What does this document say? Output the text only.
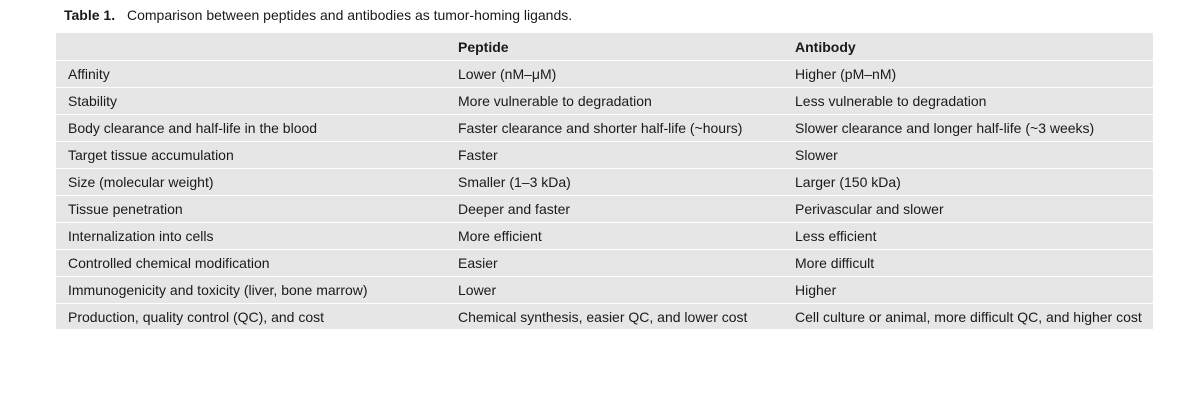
Table 1. Comparison between peptides and antibodies as tumor-homing ligands.
	Peptide	Antibody
Affinity	Lower (nM–μM)	Higher (pM–nM)
Stability	More vulnerable to degradation	Less vulnerable to degradation
Body clearance and half-life in the blood	Faster clearance and shorter half-life (~hours)	Slower clearance and longer half-life (~3 weeks)
Target tissue accumulation	Faster	Slower
Size (molecular weight)	Smaller (1–3 kDa)	Larger (150 kDa)
Tissue penetration	Deeper and faster	Perivascular and slower
Internalization into cells	More efficient	Less efficient
Controlled chemical modification	Easier	More difficult
Immunogenicity and toxicity (liver, bone marrow)	Lower	Higher
Production, quality control (QC), and cost	Chemical synthesis, easier QC, and lower cost	Cell culture or animal, more difficult QC, and higher cost
